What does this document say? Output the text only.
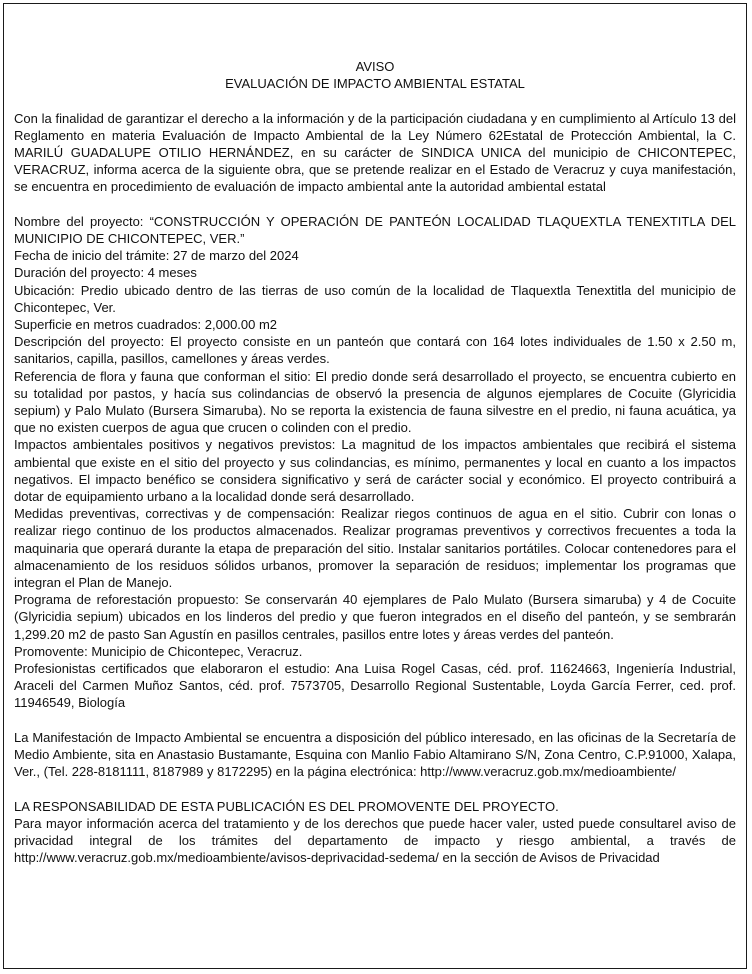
AVISO

EVALUACIÓN DE IMPACTO AMBIENTAL ESTATAL

Con la finalidad de garantizar el derecho a la información y de la participación ciudadana y en cumplimiento al Artículo 13 del Reglamento en materia Evaluación de Impacto Ambiental de la Ley Número 62Estatal de Protección Ambiental, la C. MARILÚ GUADALUPE OTILIO HERNÁNDEZ, en su carácter de SINDICA UNICA del municipio de CHICONTEPEC, VERACRUZ, informa acerca de la siguiente obra, que se pretende realizar en el Estado de Veracruz y cuya manifestación, se encuentra en procedimiento de evaluación de impacto ambiental ante la autoridad ambiental estatal

Nombre del proyecto: “CONSTRUCCIÓN Y OPERACIÓN DE PANTEÓN LOCALIDAD TLAQUEXTLA TENEXTITLA DEL MUNICIPIO DE CHICONTEPEC, VER.”

Fecha de inicio del trámite: 27 de marzo del 2024

Duración del proyecto: 4 meses

Ubicación: Predio ubicado dentro de las tierras de uso común de la localidad de Tlaquextla Tenextitla del municipio de Chicontepec, Ver.

Superficie en metros cuadrados: 2,000.00 m2

Descripción del proyecto: El proyecto consiste en un panteón que contará con 164 lotes individuales de 1.50 x 2.50 m, sanitarios, capilla, pasillos, camellones y áreas verdes.

Referencia de flora y fauna que conforman el sitio: El predio donde será desarrollado el proyecto, se encuentra cubierto en su totalidad por pastos, y hacía sus colindancias de observó la presencia de algunos ejemplares de Cocuite (Glyricidia sepium) y Palo Mulato (Bursera Simaruba). No se reporta la existencia de fauna silvestre en el predio, ni fauna acuática, ya que no existen cuerpos de agua que crucen o colinden con el predio.

Impactos ambientales positivos y negativos previstos: La magnitud de los impactos ambientales que recibirá el sistema ambiental que existe en el sitio del proyecto y sus colindancias, es mínimo, permanentes y local en cuanto a los impactos negativos. El impacto benéfico se considera significativo y será de carácter social y económico. El proyecto contribuirá a dotar de equipamiento urbano a la localidad donde será desarrollado.

Medidas preventivas, correctivas y de compensación: Realizar riegos continuos de agua en el sitio. Cubrir con lonas o realizar riego continuo de los productos almacenados. Realizar programas preventivos y correctivos frecuentes a toda la maquinaria que operará durante la etapa de preparación del sitio. Instalar sanitarios portátiles. Colocar contenedores para el almacenamiento de los residuos sólidos urbanos, promover la separación de residuos; implementar los programas que integran el Plan de Manejo.

Programa de reforestación propuesto: Se conservarán 40 ejemplares de Palo Mulato (Bursera simaruba) y 4 de Cocuite (Glyricidia sepium) ubicados en los linderos del predio y que fueron integrados en el diseño del panteón, y se sembrarán 1,299.20 m2 de pasto San Agustín en pasillos centrales, pasillos entre lotes y áreas verdes del panteón.

Promovente: Municipio de Chicontepec, Veracruz.

Profesionistas certificados que elaboraron el estudio: Ana Luisa Rogel Casas, céd. prof. 11624663, Ingeniería Industrial, Araceli del Carmen Muñoz Santos, céd. prof. 7573705, Desarrollo Regional Sustentable, Loyda García Ferrer, ced. prof. 11946549, Biología

La Manifestación de Impacto Ambiental se encuentra a disposición del público interesado, en las oficinas de la Secretaría de Medio Ambiente, sita en Anastasio Bustamante, Esquina con Manlio Fabio Altamirano S/N, Zona Centro, C.P.91000, Xalapa, Ver., (Tel. 228-8181111, 8187989 y 8172295) en la página electrónica: http://www.veracruz.gob.mx/medioambiente/

LA RESPONSABILIDAD DE ESTA PUBLICACIÓN ES DEL PROMOVENTE DEL PROYECTO.

Para mayor información acerca del tratamiento y de los derechos que puede hacer valer, usted puede consultarel aviso de privacidad integral de los trámites del departamento de impacto y riesgo ambiental, a través de http://www.veracruz.gob.mx/medioambiente/avisos-deprivacidad-sedema/ en la sección de Avisos de Privacidad
